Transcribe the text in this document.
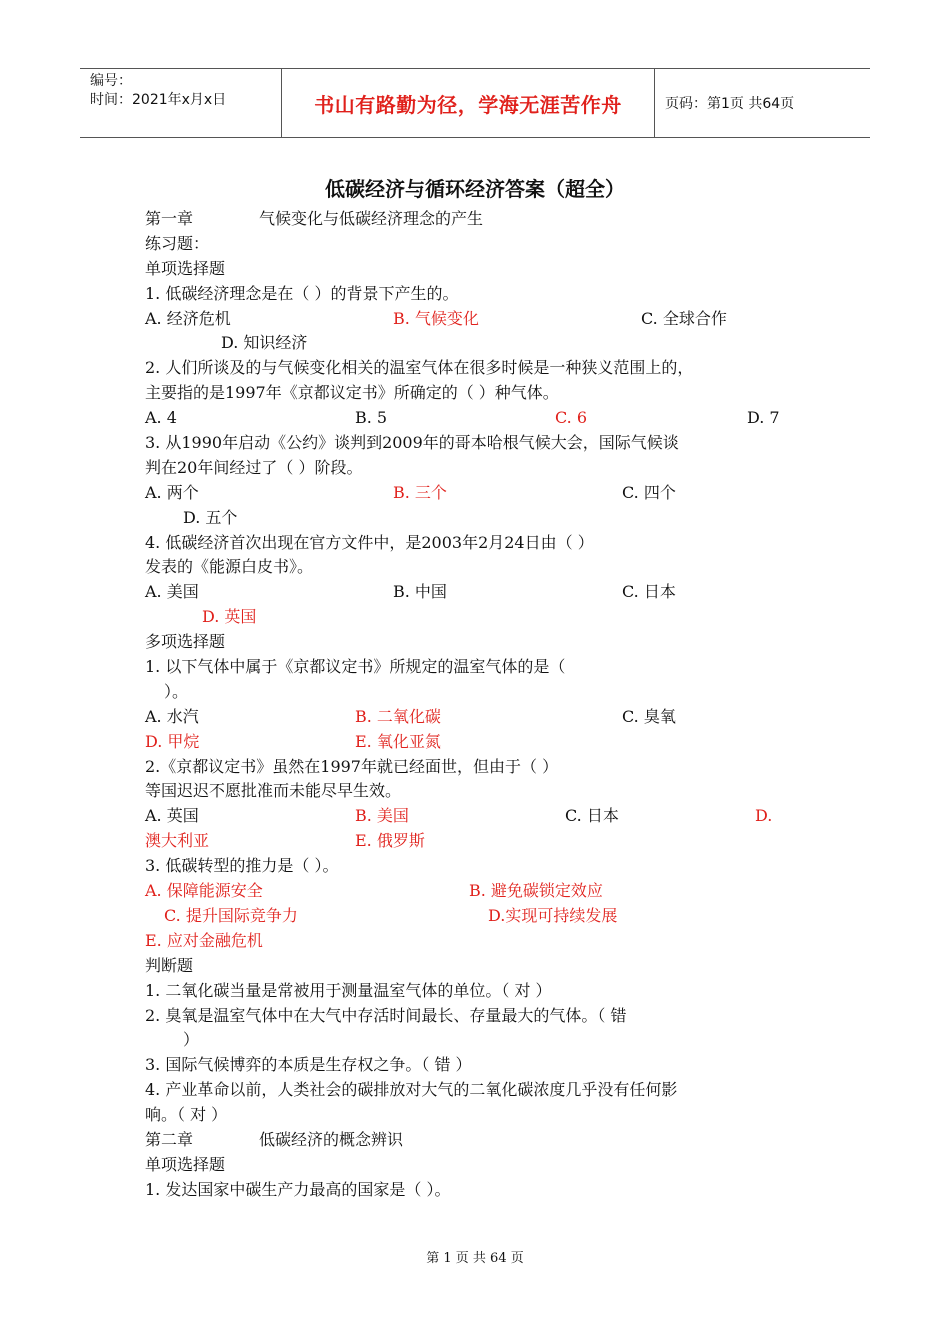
编号：
时间：2021年x月x日	书山有路勤为径，学海无涯苦作舟	页码：第1页 共64页
低碳经济与循环经济答案（超全）
第一章	气候变化与低碳经济理念的产生
练习题：
单项选择题
1. 低碳经济理念是在（ ）的背景下产生的。
A. 经济危机	B. 气候变化	C. 全球合作
D. 知识经济
2. 人们所谈及的与气候变化相关的温室气体在很多时候是一种狭义范围上的，
主要指的是1997年《京都议定书》所确定的（ ）种气体。
A. 4	B. 5	C. 6	D. 7
3. 从1990年启动《公约》谈判到2009年的哥本哈根气候大会，国际气候谈
判在20年间经过了（ ）阶段。
A. 两个	B. 三个	C. 四个
D. 五个
4. 低碳经济首次出现在官方文件中，是2003年2月24日由（ ）
发表的《能源白皮书》。
A. 美国	B. 中国	C. 日本
D. 英国
多项选择题
1. 以下气体中属于《京都议定书》所规定的温室气体的是（
）。
A. 水汽	B. 二氧化碳	C. 臭氧
D. 甲烷	E. 氧化亚氮
2.《京都议定书》虽然在1997年就已经面世，但由于（ ）
等国迟迟不愿批准而未能尽早生效。
A. 英国	B. 美国	C. 日本	D.
澳大利亚	E. 俄罗斯
3. 低碳转型的推力是（ ）。
A. 保障能源安全	B. 避免碳锁定效应
C. 提升国际竞争力	D.实现可持续发展
E. 应对金融危机
判断题
1. 二氧化碳当量是常被用于测量温室气体的单位。（ 对 ）
2. 臭氧是温室气体中在大气中存活时间最长、存量最大的气体。（ 错
）
3. 国际气候博弈的本质是生存权之争。（ 错 ）
4. 产业革命以前，人类社会的碳排放对大气的二氧化碳浓度几乎没有任何影
响。（ 对 ）
第二章	低碳经济的概念辨识
单项选择题
1. 发达国家中碳生产力最高的国家是（ ）。
第 1 页 共 64 页
